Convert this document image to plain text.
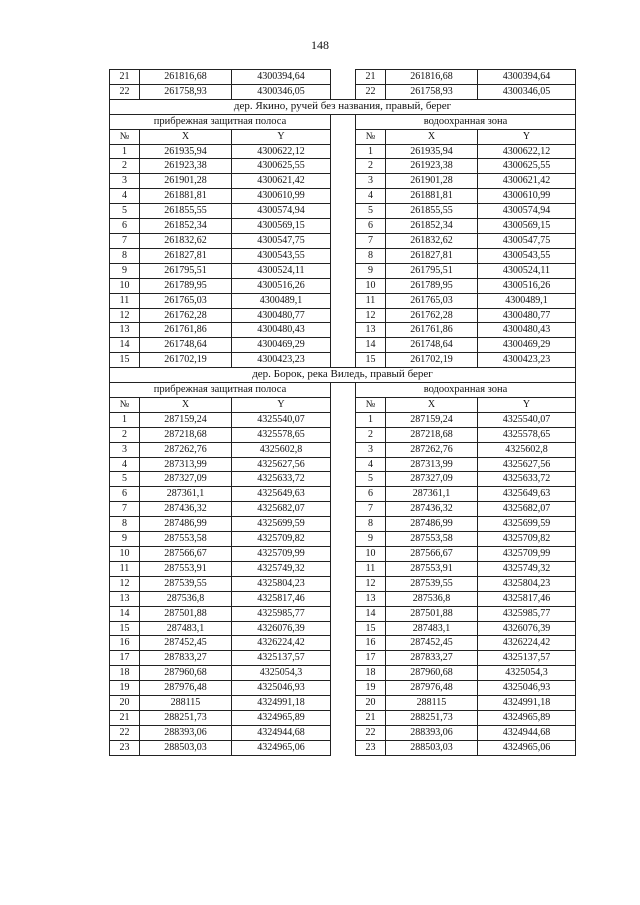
148
21	261816,68	4300394,64		21	261816,68	4300394,64
22	261758,93	4300346,05		22	261758,93	4300346,05
дер. Якино, ручей без названия, правый, берег						
прибрежная защитная полоса				водоохранная зона		
№	X	Y		№	X	Y
1	261935,94	4300622,12		1	261935,94	4300622,12
2	261923,38	4300625,55		2	261923,38	4300625,55
3	261901,28	4300621,42		3	261901,28	4300621,42
4	261881,81	4300610,99		4	261881,81	4300610,99
5	261855,55	4300574,94		5	261855,55	4300574,94
6	261852,34	4300569,15		6	261852,34	4300569,15
7	261832,62	4300547,75		7	261832,62	4300547,75
8	261827,81	4300543,55		8	261827,81	4300543,55
9	261795,51	4300524,11		9	261795,51	4300524,11
10	261789,95	4300516,26		10	261789,95	4300516,26
11	261765,03	4300489,1		11	261765,03	4300489,1
12	261762,28	4300480,77		12	261762,28	4300480,77
13	261761,86	4300480,43		13	261761,86	4300480,43
14	261748,64	4300469,29		14	261748,64	4300469,29
15	261702,19	4300423,23		15	261702,19	4300423,23
дер. Борок, река Виледь, правый берег						
прибрежная защитная полоса				водоохранная зона		
№	X	Y		№	X	Y
1	287159,24	4325540,07		1	287159,24	4325540,07
2	287218,68	4325578,65		2	287218,68	4325578,65
3	287262,76	4325602,8		3	287262,76	4325602,8
4	287313,99	4325627,56		4	287313,99	4325627,56
5	287327,09	4325633,72		5	287327,09	4325633,72
6	287361,1	4325649,63		6	287361,1	4325649,63
7	287436,32	4325682,07		7	287436,32	4325682,07
8	287486,99	4325699,59		8	287486,99	4325699,59
9	287553,58	4325709,82		9	287553,58	4325709,82
10	287566,67	4325709,99		10	287566,67	4325709,99
11	287553,91	4325749,32		11	287553,91	4325749,32
12	287539,55	4325804,23		12	287539,55	4325804,23
13	287536,8	4325817,46		13	287536,8	4325817,46
14	287501,88	4325985,77		14	287501,88	4325985,77
15	287483,1	4326076,39		15	287483,1	4326076,39
16	287452,45	4326224,42		16	287452,45	4326224,42
17	287833,27	4325137,57		17	287833,27	4325137,57
18	287960,68	4325054,3		18	287960,68	4325054,3
19	287976,48	4325046,93		19	287976,48	4325046,93
20	288115	4324991,18		20	288115	4324991,18
21	288251,73	4324965,89		21	288251,73	4324965,89
22	288393,06	4324944,68		22	288393,06	4324944,68
23	288503,03	4324965,06		23	288503,03	4324965,06
